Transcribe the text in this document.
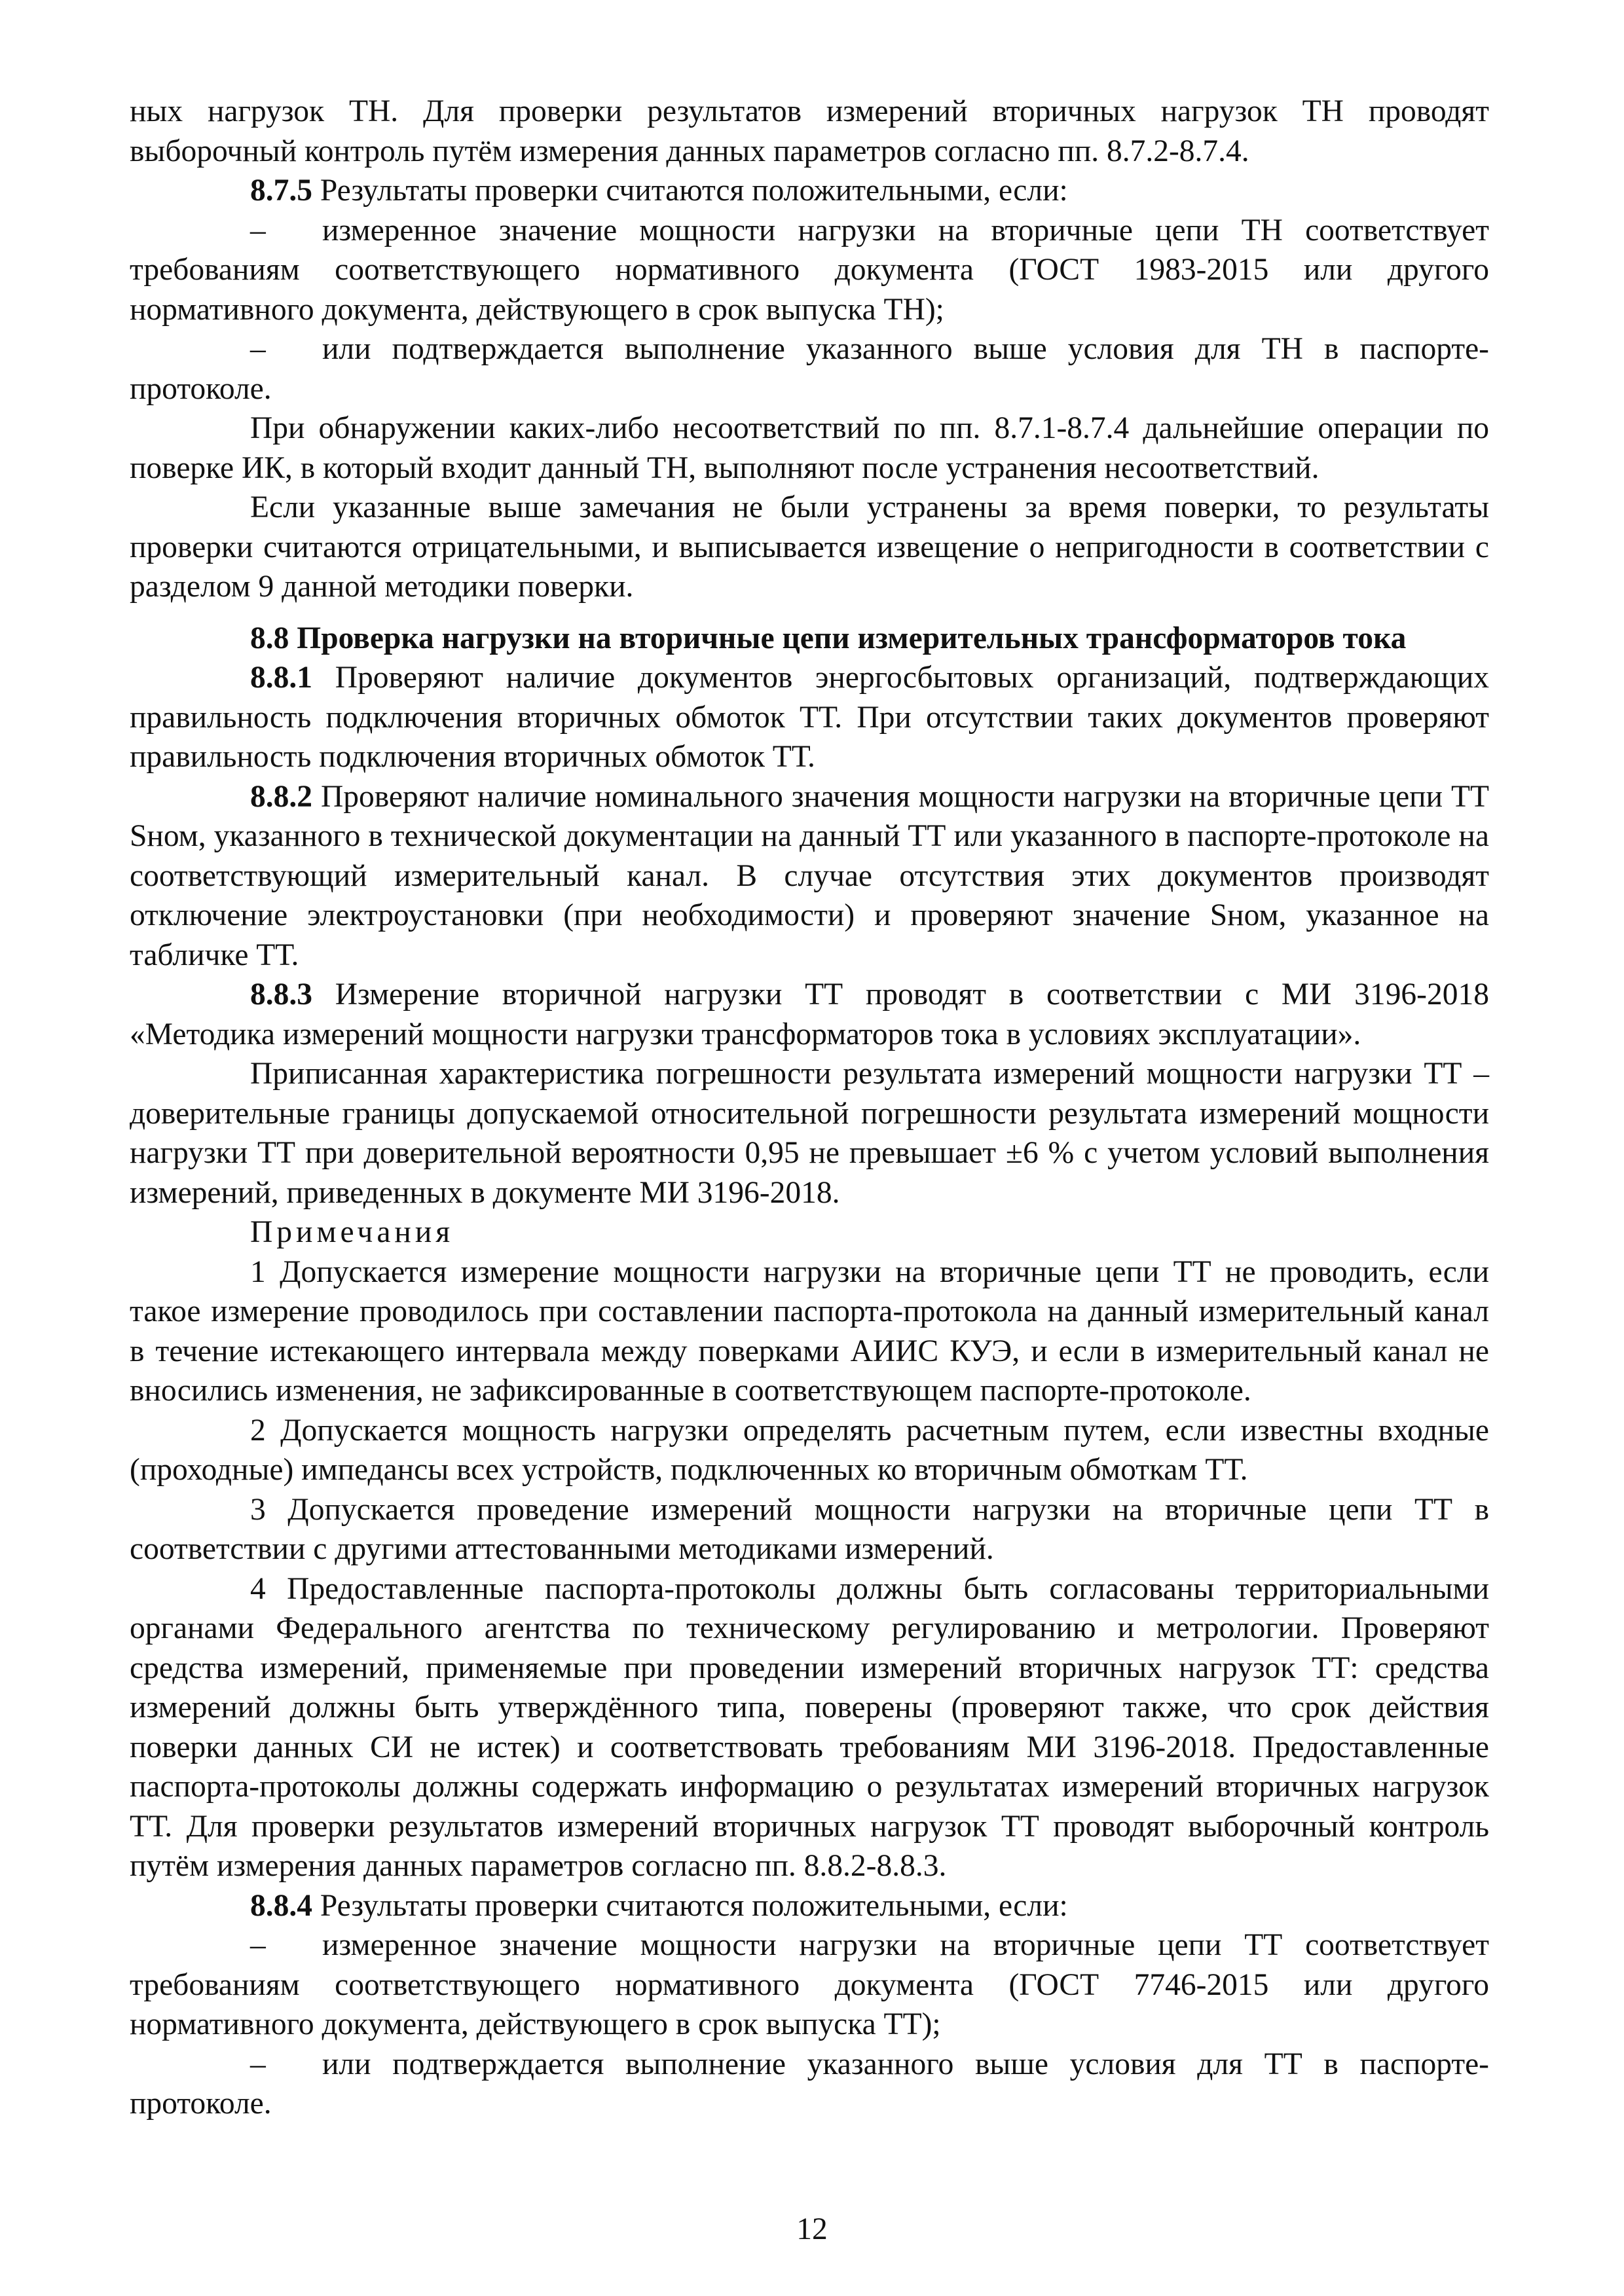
ных нагрузок ТН. Для проверки результатов измерений вторичных нагрузок ТН проводят выборочный контроль путём измерения данных параметров согласно пп. 8.7.2-8.7.4.

8.7.5 Результаты проверки считаются положительными, если:

– измеренное значение мощности нагрузки на вторичные цепи ТН соответствует требованиям соответствующего нормативного документа (ГОСТ 1983-2015 или другого нормативного документа, действующего в срок выпуска ТН);

– или подтверждается выполнение указанного выше условия для ТН в паспорте-протоколе.

При обнаружении каких-либо несоответствий по пп. 8.7.1-8.7.4 дальнейшие операции по поверке ИК, в который входит данный ТН, выполняют после устранения несоответствий.

Если указанные выше замечания не были устранены за время поверки, то результаты проверки считаются отрицательными, и выписывается извещение о непригодности в соответствии с разделом 9 данной методики поверки.

8.8 Проверка нагрузки на вторичные цепи измерительных трансформаторов тока

8.8.1 Проверяют наличие документов энергосбытовых организаций, подтверждающих правильность подключения вторичных обмоток ТТ. При отсутствии таких документов проверяют правильность подключения вторичных обмоток ТТ.

8.8.2 Проверяют наличие номинального значения мощности нагрузки на вторичные цепи ТТ Sном, указанного в технической документации на данный ТТ или указанного в паспорте-протоколе на соответствующий измерительный канал. В случае отсутствия этих документов производят отключение электроустановки (при необходимости) и проверяют значение Sном, указанное на табличке ТТ.

8.8.3 Измерение вторичной нагрузки ТТ проводят в соответствии с МИ 3196-2018 «Методика измерений мощности нагрузки трансформаторов тока в условиях эксплуатации».

Приписанная характеристика погрешности результата измерений мощности нагрузки ТТ – доверительные границы допускаемой относительной погрешности результата измерений мощности нагрузки ТТ при доверительной вероятности 0,95 не превышает ±6 % с учетом условий выполнения измерений, приведенных в документе МИ 3196-2018.

Примечания

1 Допускается измерение мощности нагрузки на вторичные цепи ТТ не проводить, если такое измерение проводилось при составлении паспорта-протокола на данный измерительный канал в течение истекающего интервала между поверками АИИС КУЭ, и если в измерительный канал не вносились изменения, не зафиксированные в соответствующем паспорте-протоколе.

2 Допускается мощность нагрузки определять расчетным путем, если известны входные (проходные) импедансы всех устройств, подключенных ко вторичным обмоткам ТТ.

3 Допускается проведение измерений мощности нагрузки на вторичные цепи ТТ в соответствии с другими аттестованными методиками измерений.

4 Предоставленные паспорта-протоколы должны быть согласованы территориальными органами Федерального агентства по техническому регулированию и метрологии. Проверяют средства измерений, применяемые при проведении измерений вторичных нагрузок ТТ: средства измерений должны быть утверждённого типа, поверены (проверяют также, что срок действия поверки данных СИ не истек) и соответствовать требованиям МИ 3196-2018. Предоставленные паспорта-протоколы должны содержать информацию о результатах измерений вторичных нагрузок ТТ. Для проверки результатов измерений вторичных нагрузок ТТ проводят выборочный контроль путём измерения данных параметров согласно пп. 8.8.2-8.8.3.

8.8.4 Результаты проверки считаются положительными, если:

– измеренное значение мощности нагрузки на вторичные цепи ТТ соответствует требованиям соответствующего нормативного документа (ГОСТ 7746-2015 или другого нормативного документа, действующего в срок выпуска ТТ);

– или подтверждается выполнение указанного выше условия для ТТ в паспорте-протоколе.

12
